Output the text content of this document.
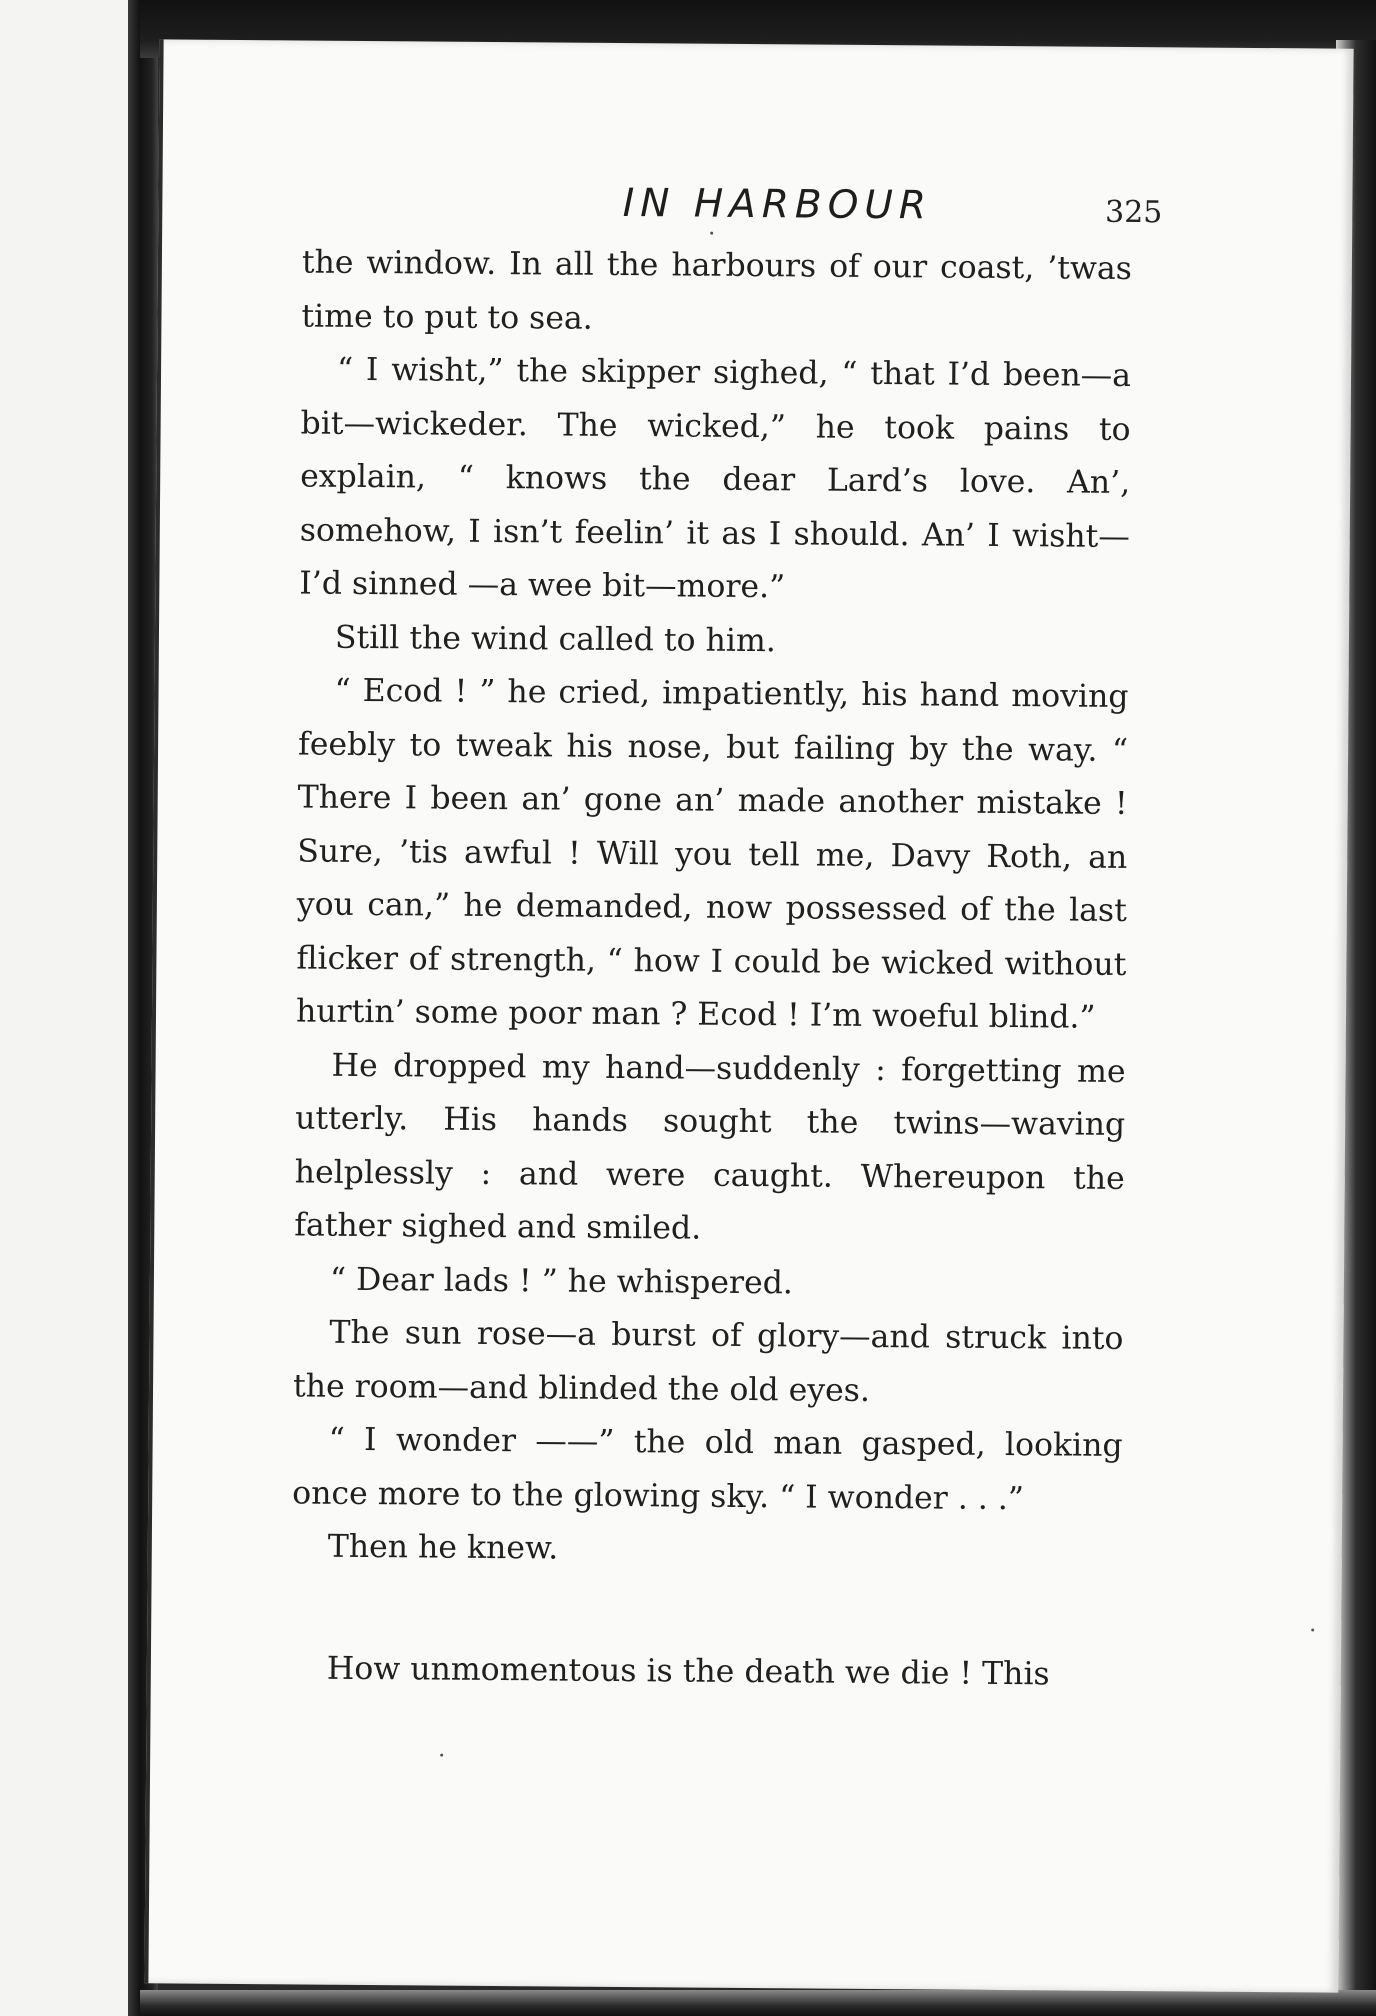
IN HARBOUR	325

the window. In all the harbours of our coast, ’twas time to put to sea.

“ I wisht,” the skipper sighed, “ that I’d been—a bit—wickeder. The wicked,” he took pains to explain, “ knows the dear Lard’s love. An’, somehow, I isn’t feelin’ it as I should. An’ I wisht—I’d sinned —a wee bit—more.”

Still the wind called to him.

“ Ecod ! ” he cried, impatiently, his hand moving feebly to tweak his nose, but failing by the way. “ There I been an’ gone an’ made another mistake ! Sure, ’tis awful ! Will you tell me, Davy Roth, an you can,” he demanded, now possessed of the last flicker of strength, “ how I could be wicked without hurtin’ some poor man ? Ecod ! I’m woeful blind.”

He dropped my hand—suddenly : forgetting me utterly. His hands sought the twins—waving helplessly : and were caught. Whereupon the father sighed and smiled.

“ Dear lads ! ” he whispered.

The sun rose—a burst of glory—and struck into the room—and blinded the old eyes.

“ I wonder ——” the old man gasped, looking once more to the glowing sky. “ I wonder . . .”

Then he knew.

How unmomentous is the death we die ! This
